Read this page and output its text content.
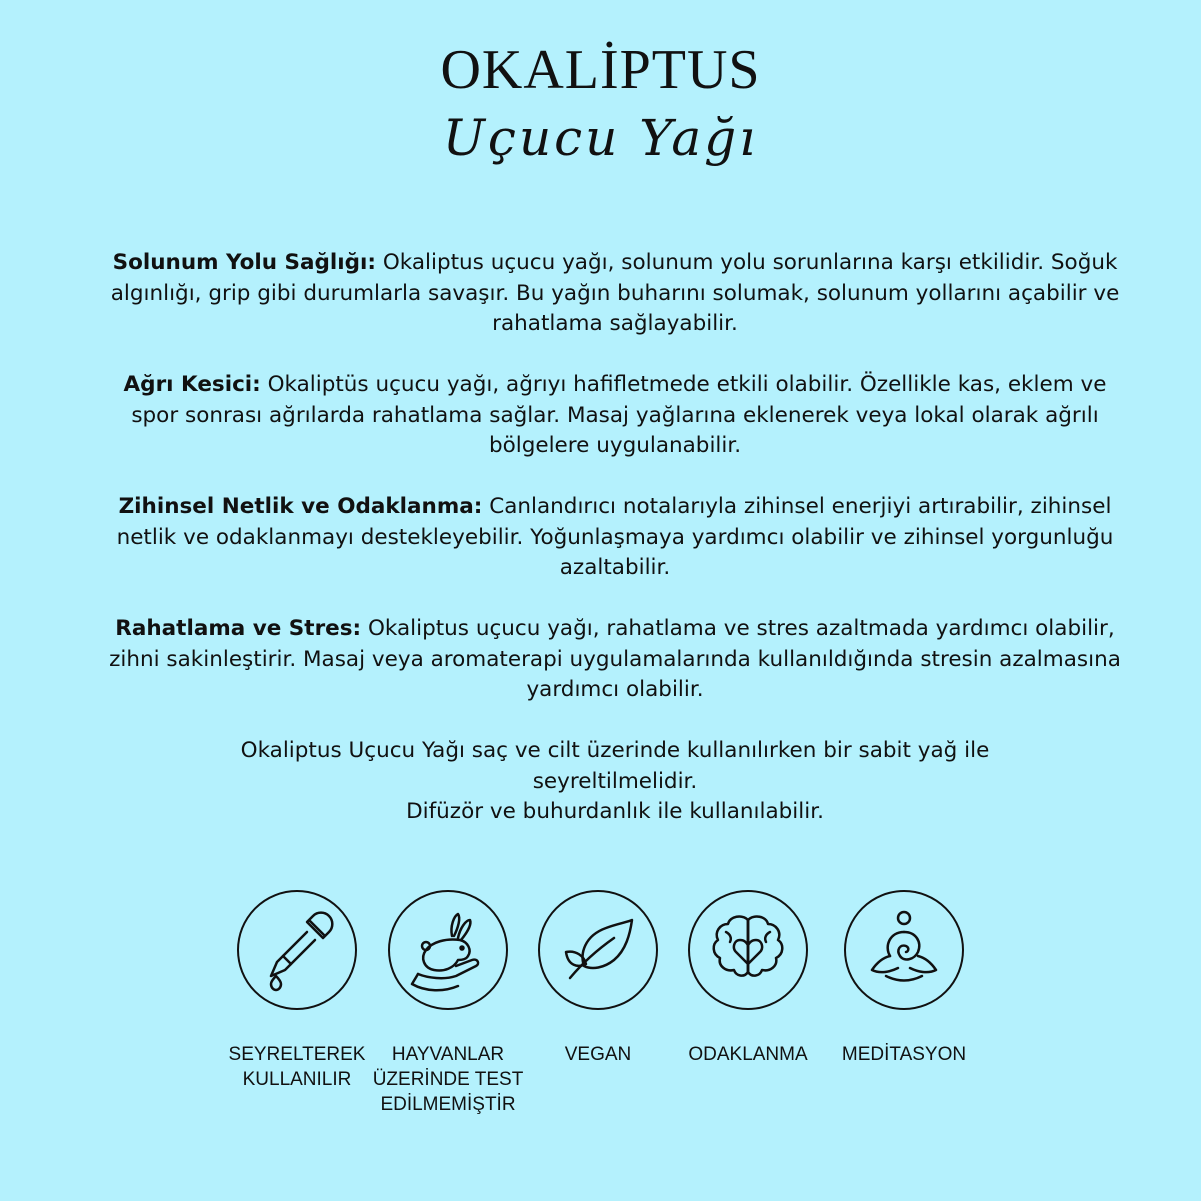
OKALİPTUS
Uçucu Yağı

Solunum Yolu Sağlığı: Okaliptus uçucu yağı, solunum yolu sorunlarına karşı etkilidir. Soğuk algınlığı, grip gibi durumlarla savaşır. Bu yağın buharını solumak, solunum yollarını açabilir ve rahatlama sağlayabilir.

Ağrı Kesici: Okaliptüs uçucu yağı, ağrıyı hafifletmede etkili olabilir. Özellikle kas, eklem ve spor sonrası ağrılarda rahatlama sağlar. Masaj yağlarına eklenerek veya lokal olarak ağrılı bölgelere uygulanabilir.

Zihinsel Netlik ve Odaklanma: Canlandırıcı notalarıyla zihinsel enerjiyi artırabilir, zihinsel netlik ve odaklanmayı destekleyebilir. Yoğunlaşmaya yardımcı olabilir ve zihinsel yorgunluğu azaltabilir.

Rahatlama ve Stres: Okaliptus uçucu yağı, rahatlama ve stres azaltmada yardımcı olabilir, zihni sakinleştirir. Masaj veya aromaterapi uygulamalarında kullanıldığında stresin azalmasına yardımcı olabilir.

Okaliptus Uçucu Yağı saç ve cilt üzerinde kullanılırken bir sabit yağ ile seyreltilmelidir.

Difüzör ve buhurdanlık ile kullanılabilir.

SEYRELTEREK
KULLANILIR
HAYVANLAR
ÜZERİNDE TEST
EDİLMEMİŞTİR
VEGAN	ODAKLANMA	MEDİTASYON
